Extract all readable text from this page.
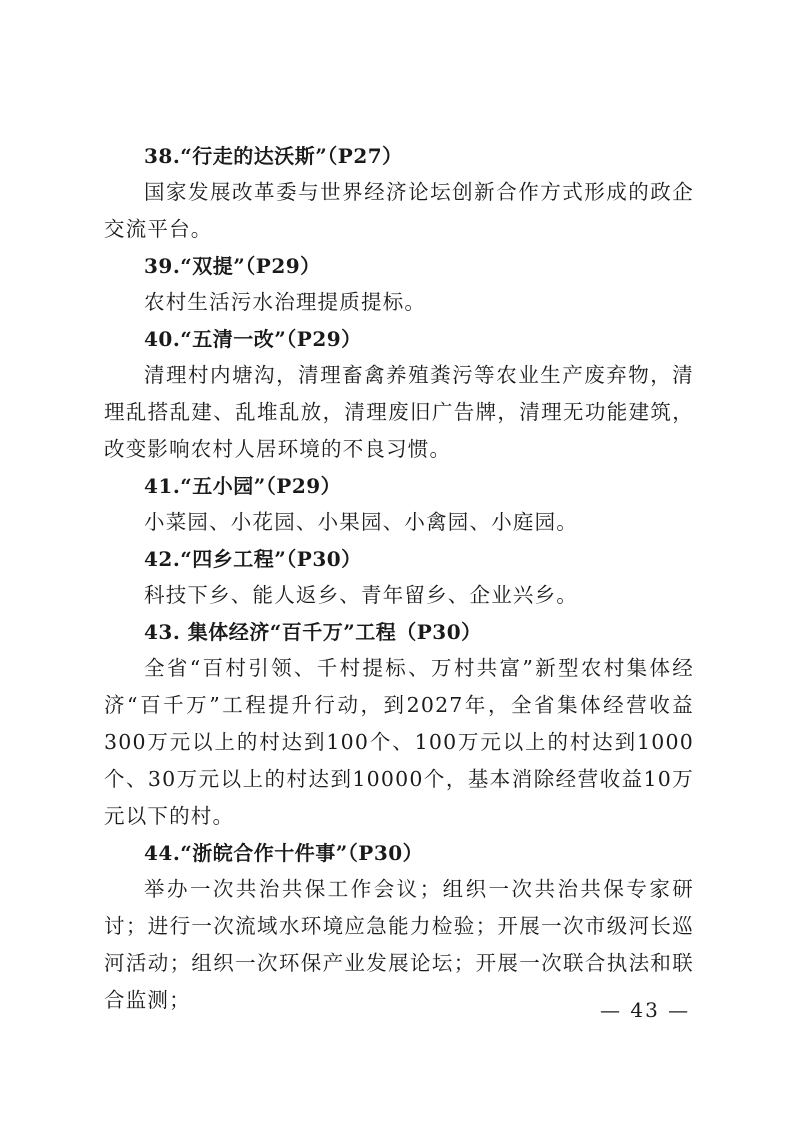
38.“行走的达沃斯”（P27）

国家发展改革委与世界经济论坛创新合作方式形成的政企交流平台。

39.“双提”（P29）

农村生活污水治理提质提标。

40.“五清一改”（P29）

清理村内塘沟，清理畜禽养殖粪污等农业生产废弃物，清理乱搭乱建、乱堆乱放，清理废旧广告牌，清理无功能建筑，改变影响农村人居环境的不良习惯。

41.“五小园”（P29）

小菜园、小花园、小果园、小禽园、小庭园。

42.“四乡工程”（P30）

科技下乡、能人返乡、青年留乡、企业兴乡。

43. 集体经济“百千万”工程（P30）

全省“百村引领、千村提标、万村共富”新型农村集体经济“百千万”工程提升行动，到2027年，全省集体经营收益300万元以上的村达到100个、100万元以上的村达到1000个、30万元以上的村达到10000个，基本消除经营收益10万元以下的村。

44.“浙皖合作十件事”（P30）

举办一次共治共保工作会议；组织一次共治共保专家研讨；进行一次流域水环境应急能力检验；开展一次市级河长巡河活动；组织一次环保产业发展论坛；开展一次联合执法和联合监测；	— 43 —
